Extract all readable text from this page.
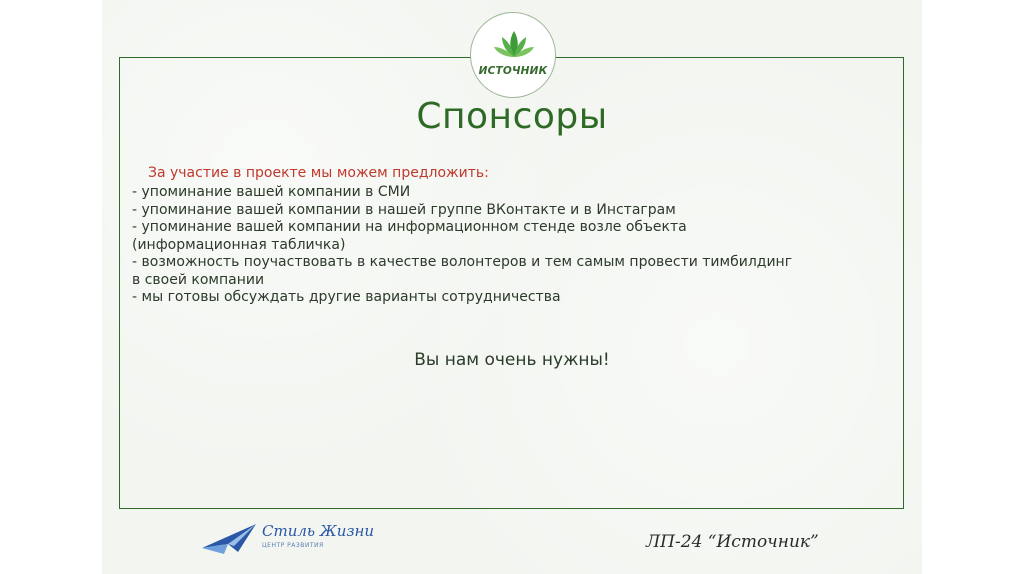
ИСТОЧНИК
Спонсоры
За участие в проекте мы можем предложить:
- упоминание вашей компании в СМИ
- упоминание вашей компании в нашей группе ВКонтакте и в Инстаграм
- упоминание вашей компании на информационном стенде возле объекта
(информационная табличка)
- возможность поучаствовать в качестве волонтеров и тем самым провести тимбилдинг
в своей компании
- мы готовы обсуждать другие варианты сотрудничества
Вы нам очень нужны!
Стиль Жизни
ЦЕНТР РАЗВИТИЯ	ЛП-24 “Источник”
